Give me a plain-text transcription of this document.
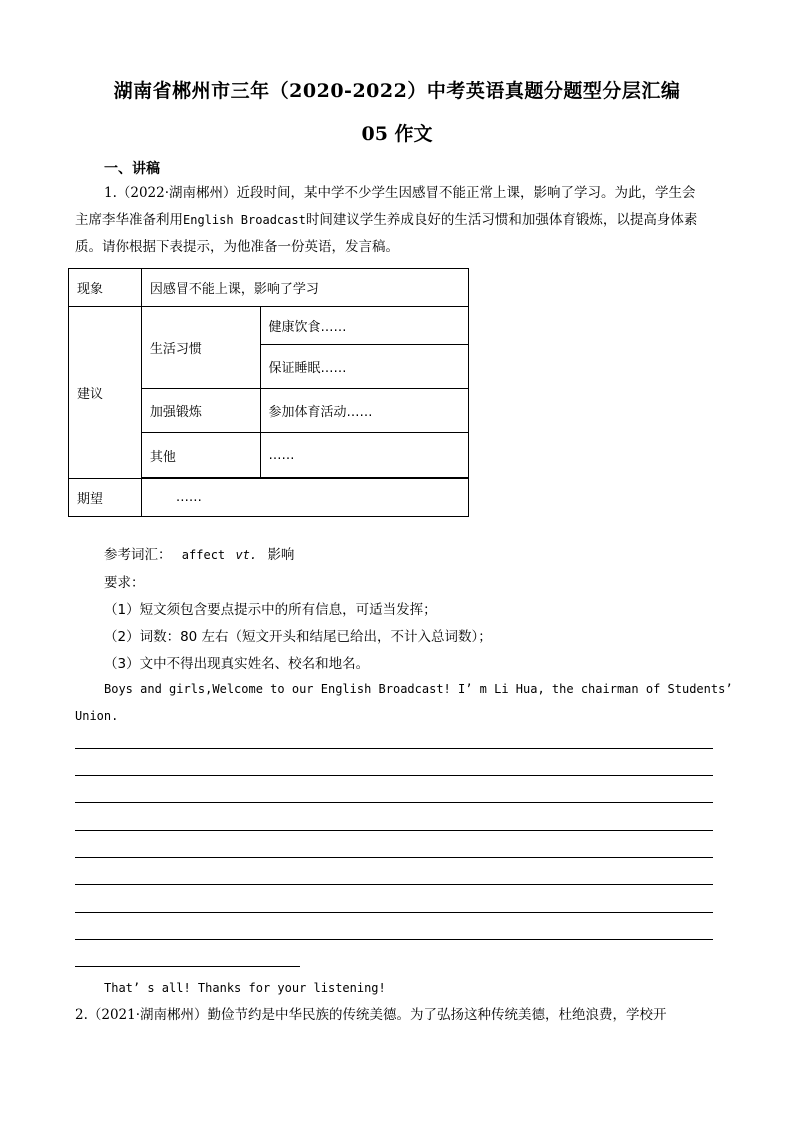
湖南省郴州市三年（2020-2022）中考英语真题分题型分层汇编
05 作文
一、讲稿
1.（2022·湖南郴州）近段时间，某中学不少学生因感冒不能正常上课，影响了学习。为此，学生会
主席李华准备利用English Broadcast时间建议学生养成良好的生活习惯和加强体育锻炼，以提高身体素
质。请你根据下表提示，为他准备一份英语，发言稿。
现象	因感冒不能上课，影响了学习	
建议	生活习惯	健康饮食……
		保证睡眠……
	加强锻炼	参加体育活动……
	其他	……

期望	……	
参考词汇： affect vt. 影响
要求：
（1）短文须包含要点提示中的所有信息，可适当发挥；
（2）词数：80 左右（短文开头和结尾已给出，不计入总词数）；
（3）文中不得出现真实姓名、校名和地名。
Boys and girls,Welcome to our English Broadcast! I’ m Li Hua, the chairman of Students’
Union.
That’ s all! Thanks for your listening!
2.（2021·湖南郴州）勤俭节约是中华民族的传统美德。为了弘扬这种传统美德，杜绝浪费，学校开
